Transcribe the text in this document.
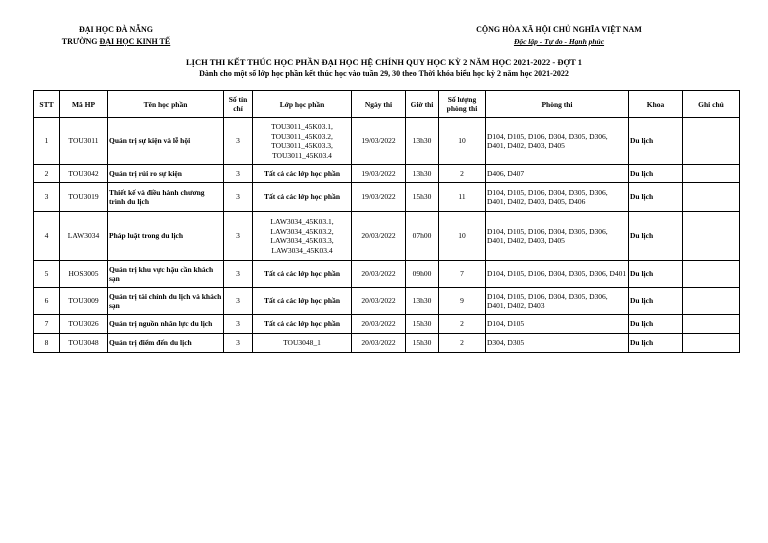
ĐẠI HỌC ĐÀ NẴNG
TRƯỜNG ĐẠI HỌC KINH TẾ
CỘNG HÒA XÃ HỘI CHỦ NGHĨA VIỆT NAM
Độc lập - Tự do - Hạnh phúc
LỊCH THI KẾT THÚC HỌC PHẦN ĐẠI HỌC HỆ CHÍNH QUY HỌC KỲ 2 NĂM HỌC 2021-2022 - ĐỢT 1
Dành cho một số lớp học phần kết thúc học vào tuần 29, 30 theo Thời khóa biểu học kỳ 2 năm học 2021-2022
STT	Mã HP	Tên học phần	Số tín chỉ	Lớp học phần	Ngày thi	Giờ thi	Số lượng phòng thi	Phòng thi	Khoa	Ghi chú
1	TOU3011	Quản trị sự kiện và lễ hội	3	TOU3011_45K03.1,
TOU3011_45K03.2,
TOU3011_45K03.3,
TOU3011_45K03.4	19/03/2022	13h30	10	D104, D105, D106, D304, D305, D306, D401, D402, D403, D405	Du lịch	
2	TOU3042	Quản trị rủi ro sự kiện	3	Tất cả các lớp học phần	19/03/2022	13h30	2	D406, D407	Du lịch	
3	TOU3019	Thiết kế và điều hành chương trình du lịch	3	Tất cả các lớp học phần	19/03/2022	15h30	11	D104, D105, D106, D304, D305, D306, D401, D402, D403, D405, D406	Du lịch	
4	LAW3034	Pháp luật trong du lịch	3	LAW3034_45K03.1,
LAW3034_45K03.2,
LAW3034_45K03.3,
LAW3034_45K03.4	20/03/2022	07h00	10	D104, D105, D106, D304, D305, D306, D401, D402, D403, D405	Du lịch	
5	HOS3005	Quản trị khu vực hậu cần khách sạn	3	Tất cả các lớp học phần	20/03/2022	09h00	7	D104, D105, D106, D304, D305, D306, D401	Du lịch	
6	TOU3009	Quản trị tài chính du lịch và khách sạn	3	Tất cả các lớp học phần	20/03/2022	13h30	9	D104, D105, D106, D304, D305, D306, D401, D402, D403	Du lịch	
7	TOU3026	Quản trị nguồn nhân lực du lịch	3	Tất cả các lớp học phần	20/03/2022	15h30	2	D104, D105	Du lịch	
8	TOU3048	Quản trị điểm đến du lịch	3	TOU3048_1	20/03/2022	15h30	2	D304, D305	Du lịch	
